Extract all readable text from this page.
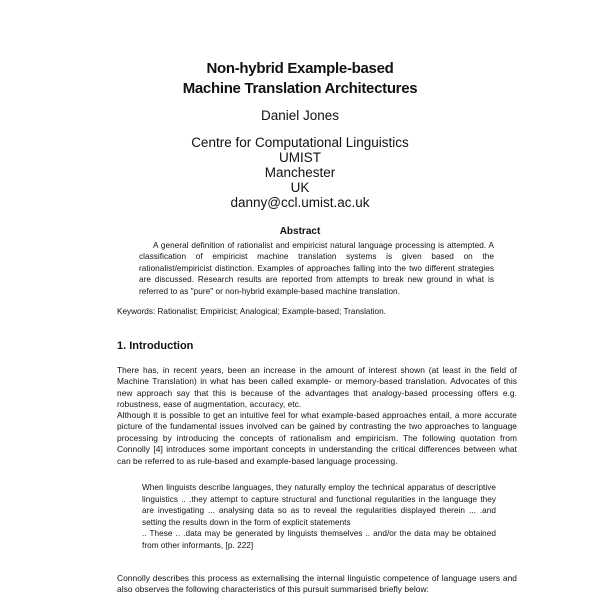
Non-hybrid Example-based
Machine Translation Architectures
Daniel Jones
Centre for Computational Linguistics
UMIST
Manchester
UK
danny@ccl.umist.ac.uk
Abstract
A general definition of rationalist and empiricist natural language processing is attempted. A classification of empiricist machine translation systems is given based on the rationalist/empiricist distinction. Examples of approaches falling into the two different strategies are discussed. Research results are reported from attempts to break new ground in what is referred to as "pure" or non-hybrid example-based machine translation.
Keywords: Rationalist; Empiricist; Analogical; Example-based; Translation.
1. Introduction
There has, in recent years, been an increase in the amount of interest shown (at least in the field of Machine Translation) in what has been called example- or memory-based translation. Advocates of this new approach say that this is because of the advantages that analogy-based processing offers e.g. robustness, ease of augmentation, accuracy, etc.
Although it is possible to get an intuitive feel for what example-based approaches entail, a more accurate picture of the fundamental issues involved can be gained by contrasting the two approaches to language processing by introducing the concepts of rationalism and empiricism. The following quotation from Connolly [4] introduces some important concepts in understanding the critical differences between what can be referred to as rule-based and example-based language processing.

When linguists describe languages, they naturally employ the technical apparatus of descriptive linguistics .. .they attempt to capture structural and functional regularities in the language they are investigating ... analysing data so as to reveal the regularities displayed therein ... .and setting the results down in the form of explicit statements

.. These .. .data may be generated by linguists themselves .. and/or the data may be obtained from other informants, [p. 222]

Connolly describes this process as externalising the internal linguistic competence of language users and also observes the following characteristics of this pursuit summarised briefly below:
